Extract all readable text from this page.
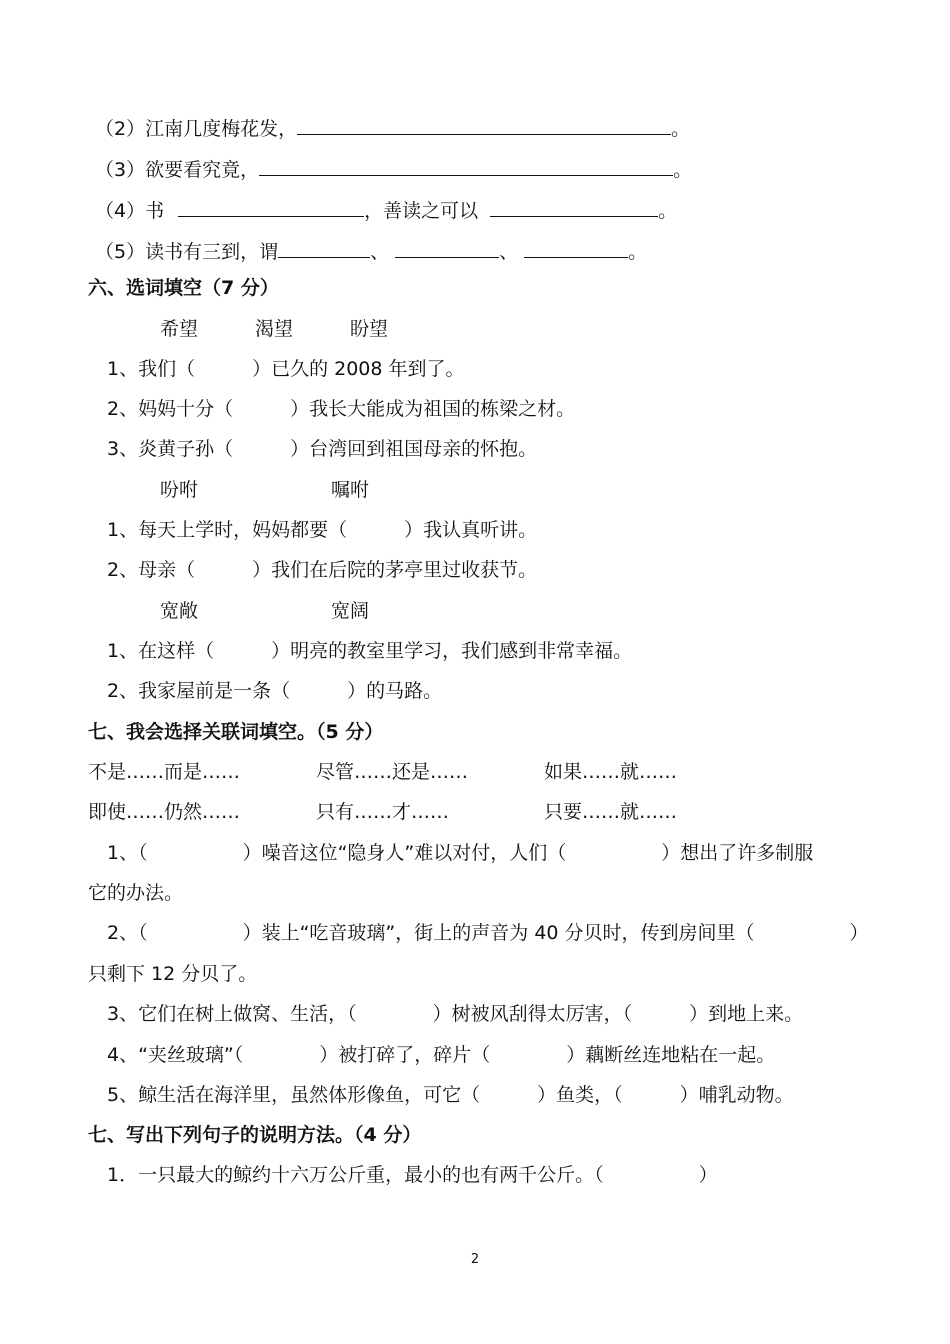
（2）江南几度梅花发，	。
（3）欲要看究竟，	。
（4）书	，善读之可以	。
（5）读书有三到，谓	、	、	。
六、选词填空（7 分）
希望　　　渴望　　　盼望
1、我们（　　　）已久的 2008 年到了。
2、妈妈十分（　　　）我长大能成为祖国的栋梁之材。
3、炎黄子孙（　　　）台湾回到祖国母亲的怀抱。
吩咐　　　　　　　嘱咐
1、每天上学时，妈妈都要（　　　）我认真听讲。
2、母亲（　　　）我们在后院的茅亭里过收获节。
宽敞　　　　　　　宽阔
1、在这样（　　　）明亮的教室里学习，我们感到非常幸福。
2、我家屋前是一条（　　　）的马路。
七、我会选择关联词填空。（5 分）
不是……而是……	尽管……还是……	如果……就……
即使……仍然……	只有……才……	只要……就……
1、（　　　　　）噪音这位“隐身人”难以对付，人们（　　　　　）想出了许多制服
它的办法。
2、（　　　　　）装上“吃音玻璃”，街上的声音为 40 分贝时，传到房间里（　　　　　）
只剩下 12 分贝了。
3、它们在树上做窝、生活，（　　　　）树被风刮得太厉害，（　　　）到地上来。
4、“夹丝玻璃”（　　　　）被打碎了，碎片（　　　　）藕断丝连地粘在一起。
5、鲸生活在海洋里，虽然体形像鱼，可它（　　　）鱼类，（　　　）哺乳动物。
七、写出下列句子的说明方法。（4 分）
1．一只最大的鲸约十六万公斤重，最小的也有两千公斤。（　　　　　）
2
